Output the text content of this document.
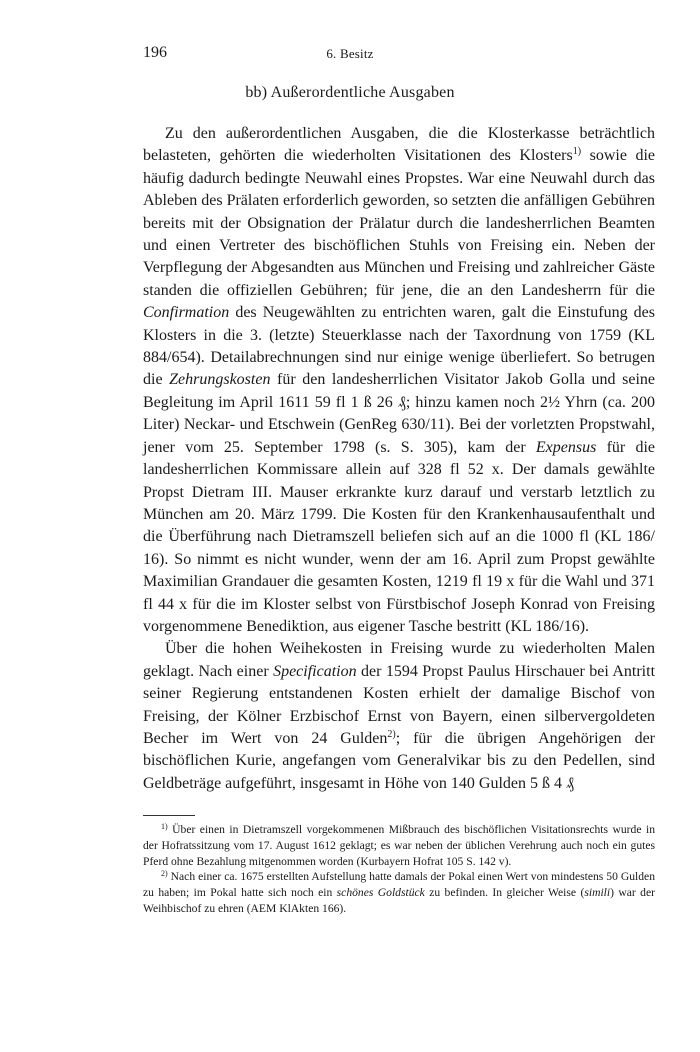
196	6. Besitz
bb) Außerordentliche Ausgaben

Zu den außerordentlichen Ausgaben, die die Klosterkasse beträchtlich belasteten, gehörten die wiederholten Visitationen des Klosters$^{1)}$ sowie die häufig dadurch bedingte Neuwahl eines Propstes. War eine Neuwahl durch das Ableben des Prälaten erforderlich geworden, so setzten die anfälligen Gebühren bereits mit der Obsignation der Prälatur durch die landesherrlichen Beamten und einen Vertreter des bischöflichen Stuhls von Freising ein. Neben der Verpflegung der Abgesandten aus München und Freising und zahlreicher Gäste standen die offiziellen Gebühren; für jene, die an den Landesherrn für die Confirmation des Neugewählten zu entrichten waren, galt die Einstufung des Klosters in die 3. (letzte) Steuerklasse nach der Taxordnung von 1759 (KL 884/654). Detailabrechnungen sind nur einige wenige überliefert. So betrugen die Zehrungskosten für den landesherrlichen Visitator Jakob Golla und seine Begleitung im April 1611 59 fl 1 ß 26 ₰; hinzu kamen noch 2½ Yhrn (ca. 200 Liter) Neckar- und Etschwein (GenReg 630/11). Bei der vorletzten Propstwahl, jener vom 25. September 1798 (s. S. 305), kam der Expensus für die landesherrlichen Kommissare allein auf 328 fl 52 x. Der damals gewählte Propst Dietram III. Mauser erkrankte kurz darauf und verstarb letztlich zu München am 20. März 1799. Die Kosten für den Krankenhausaufenthalt und die Überführung nach Dietramszell beliefen sich auf an die 1000 fl (KL 186/ 16). So nimmt es nicht wunder, wenn der am 16. April zum Propst gewählte Maximilian Grandauer die gesamten Kosten, 1219 fl 19 x für die Wahl und 371 fl 44 x für die im Kloster selbst von Fürstbischof Joseph Konrad von Freising vorgenommene Benediktion, aus eigener Tasche bestritt (KL 186/16).

Über die hohen Weihekosten in Freising wurde zu wiederholten Malen geklagt. Nach einer Specification der 1594 Propst Paulus Hirschauer bei Antritt seiner Regierung entstandenen Kosten erhielt der damalige Bischof von Freising, der Kölner Erzbischof Ernst von Bayern, einen silbervergoldeten Becher im Wert von 24 Gulden$^{2)}$; für die übrigen Angehörigen der bischöflichen Kurie, angefangen vom Generalvikar bis zu den Pedellen, sind Geldbeträge aufgeführt, insgesamt in Höhe von 140 Gulden 5 ß 4 ₰

$^{1)}$ Über einen in Dietramszell vorgekommenen Mißbrauch des bischöflichen Visitationsrechts wurde in der Hofratssitzung vom 17. August 1612 geklagt; es war neben der üblichen Verehrung auch noch ein gutes Pferd ohne Bezahlung mitgenommen worden (Kurbayern Hofrat 105 S. 142 v).

$^{2)}$ Nach einer ca. 1675 erstellten Aufstellung hatte damals der Pokal einen Wert von mindestens 50 Gulden zu haben; im Pokal hatte sich noch ein schönes Goldstück zu befinden. In gleicher Weise (simili) war der Weihbischof zu ehren (AEM KlAkten 166).
